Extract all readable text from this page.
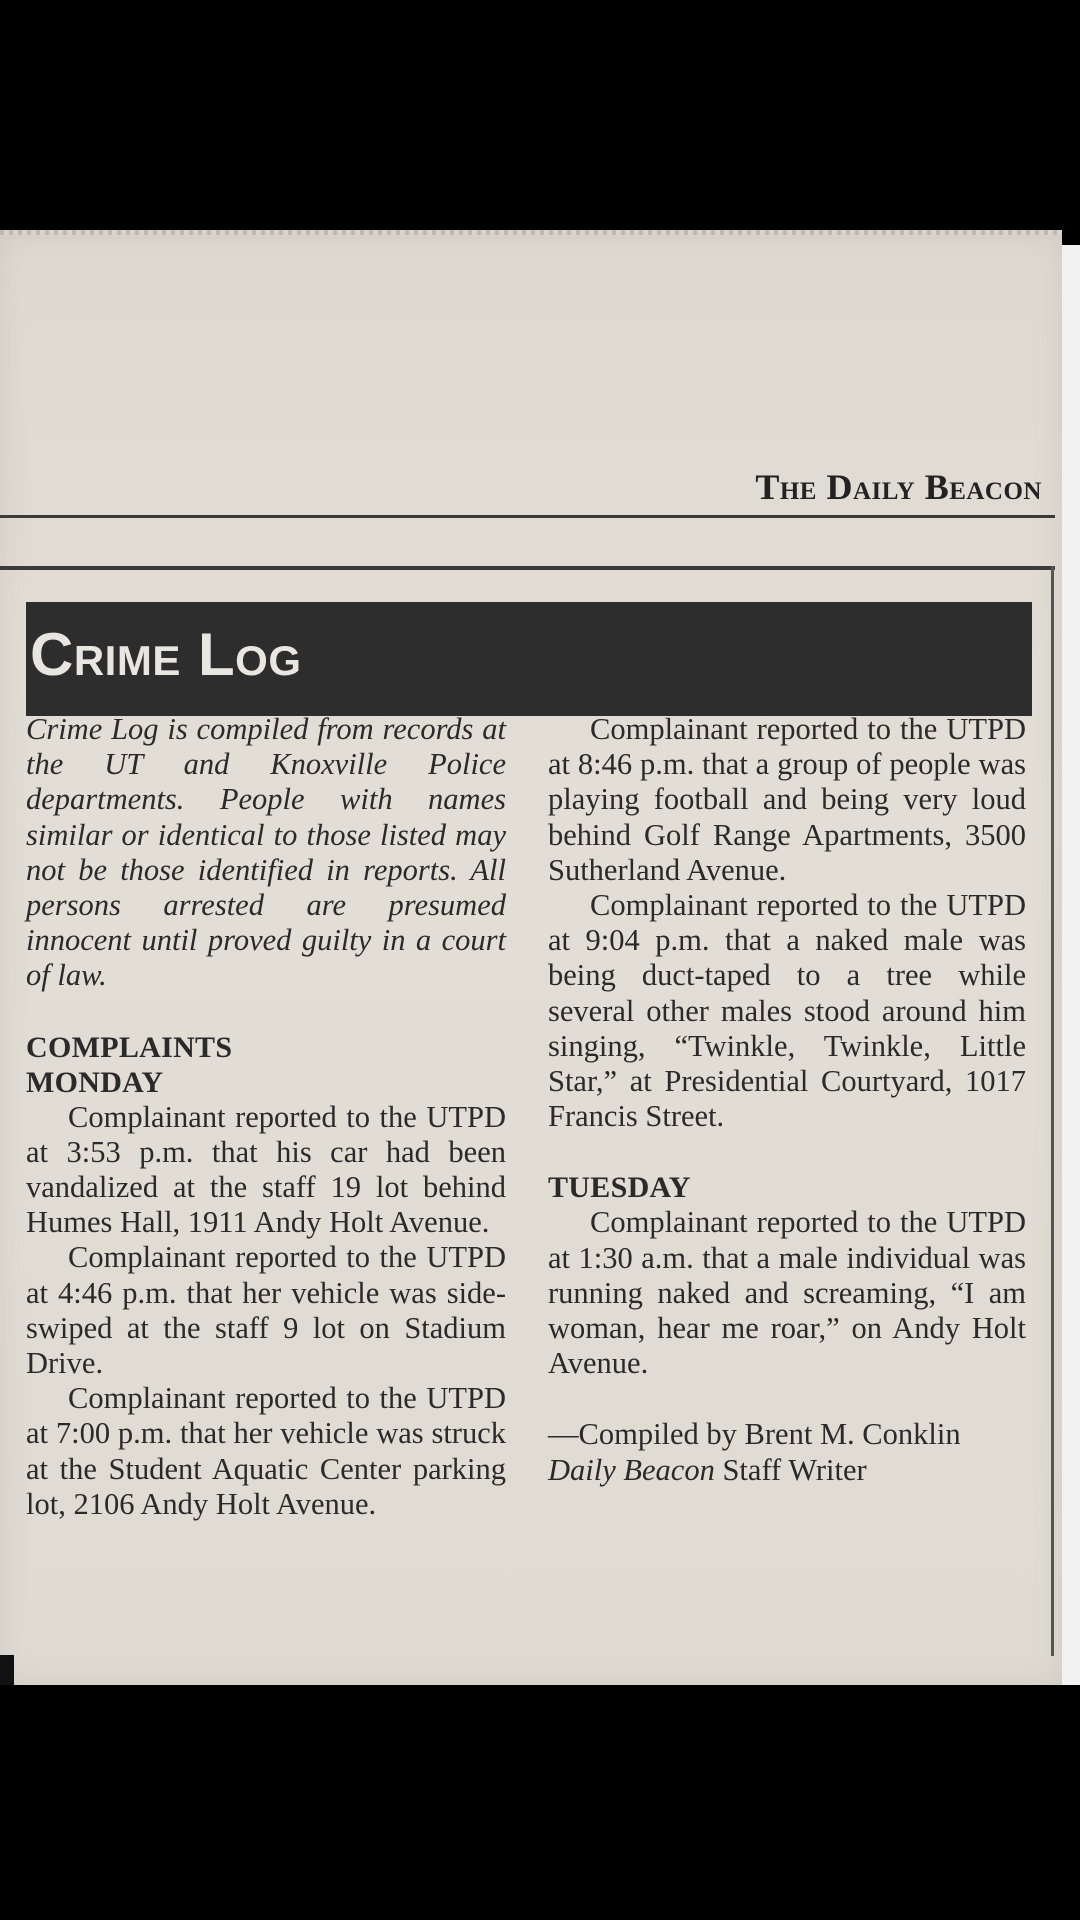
The Daily Beacon
Crime Log

Crime Log is compiled from records at the UT and Knoxville Police departments. People with names similar or identical to those listed may not be those identified in reports. All persons arrested are presumed innocent until proved guilty in a court of law.

COMPLAINTS

MONDAY

Complainant reported to the UTPD at 3:53 p.m. that his car had been vandalized at the staff 19 lot behind Humes Hall, 1911 Andy Holt Avenue.

Complainant reported to the UTPD at 4:46 p.m. that her vehicle was side-swiped at the staff 9 lot on Stadium Drive.

Complainant reported to the UTPD at 7:00 p.m. that her vehicle was struck at the Student Aquatic Center parking lot, 2106 Andy Holt Avenue.

Complainant reported to the UTPD at 8:46 p.m. that a group of people was playing football and being very loud behind Golf Range Apartments, 3500 Sutherland Avenue.

Complainant reported to the UTPD at 9:04 p.m. that a naked male was being duct-taped to a tree while several other males stood around him singing, “Twinkle, Twinkle, Little Star,” at Presidential Courtyard, 1017 Francis Street.

TUESDAY

Complainant reported to the UTPD at 1:30 a.m. that a male individual was running naked and screaming, “I am woman, hear me roar,” on Andy Holt Avenue.

—Compiled by Brent M. Conklin

Daily Beacon Staff Writer
